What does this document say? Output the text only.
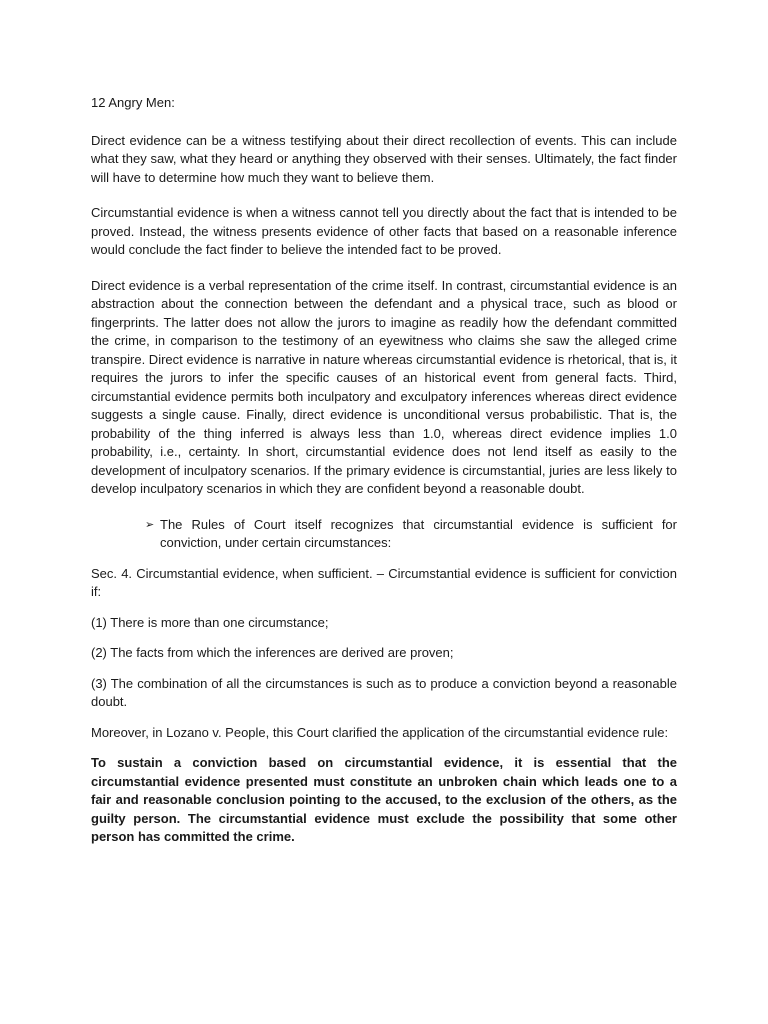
12 Angry Men:

Direct evidence can be a witness testifying about their direct recollection of events. This can include what they saw, what they heard or anything they observed with their senses. Ultimately, the fact finder will have to determine how much they want to believe them.

Circumstantial evidence is when a witness cannot tell you directly about the fact that is intended to be proved. Instead, the witness presents evidence of other facts that based on a reasonable inference would conclude the fact finder to believe the intended fact to be proved.

Direct evidence is a verbal representation of the crime itself. In contrast, circumstantial evidence is an abstraction about the connection between the defendant and a physical trace, such as blood or fingerprints. The latter does not allow the jurors to imagine as readily how the defendant committed the crime, in comparison to the testimony of an eyewitness who claims she saw the alleged crime transpire. Direct evidence is narrative in nature whereas circumstantial evidence is rhetorical, that is, it requires the jurors to infer the specific causes of an historical event from general facts. Third, circumstantial evidence permits both inculpatory and exculpatory inferences whereas direct evidence suggests a single cause. Finally, direct evidence is unconditional versus probabilistic. That is, the probability of the thing inferred is always less than 1.0, whereas direct evidence implies 1.0 probability, i.e., certainty. In short, circumstantial evidence does not lend itself as easily to the development of inculpatory scenarios. If the primary evidence is circumstantial, juries are less likely to develop inculpatory scenarios in which they are confident beyond a reasonable doubt.

➢ The Rules of Court itself recognizes that circumstantial evidence is sufficient for conviction, under certain circumstances:

Sec. 4. Circumstantial evidence, when sufficient. – Circumstantial evidence is sufficient for conviction if:

(1) There is more than one circumstance;

(2) The facts from which the inferences are derived are proven;

(3) The combination of all the circumstances is such as to produce a conviction beyond a reasonable doubt.

Moreover, in Lozano v. People, this Court clarified the application of the circumstantial evidence rule:

To sustain a conviction based on circumstantial evidence, it is essential that the circumstantial evidence presented must constitute an unbroken chain which leads one to a fair and reasonable conclusion pointing to the accused, to the exclusion of the others, as the guilty person. The circumstantial evidence must exclude the possibility that some other person has committed the crime.
